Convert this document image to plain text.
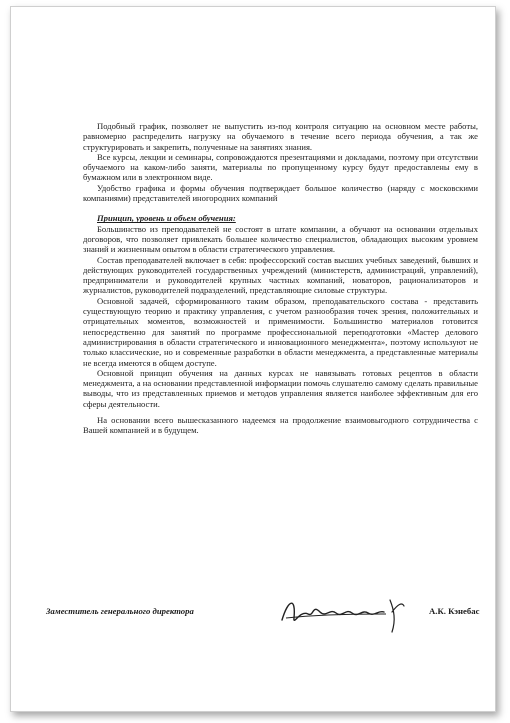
Подобный график, позволяет не выпустить из-под контроля ситуацию на основном месте работы, равномерно распределить нагрузку на обучаемого в течение всего периода обучения, а так же структурировать и закрепить, полученные на занятиях знания.

Все курсы, лекции и семинары, сопровождаются презентациями и докладами, поэтому при отсутствии обучаемого на каком-либо заняти, материалы по пропущенному курсу будут предоставлены ему в бумажном или в электронном виде.

Удобство графика и формы обучения подтверждает большое количество (наряду с московскими компаниями) представителей иногородних компаний

Принцип, уровень и объем обучения:

Большинство из преподавателей не состоят в штате компании, а обучают на основании отдельных договоров, что позволяет привлекать большее количество специалистов, обладающих высоким уровнем знаний и жизненным опытом в области стратегического управления.

Состав преподавателей включает в себя: профессорский состав высших учебных заведений, бывших и действующих руководителей государственных учреждений (министерств, администраций, управлений), предприниматели и руководителей крупных частных компаний, новаторов, рационализаторов и журналистов, руководителей подразделений, представляющие силовые структуры.

Основной задачей, сформированного таким образом, преподавательского состава - представить существующую теорию и практику управления, с учетом разнообразия точек зрения, положительных и отрицательных моментов, возможностей и применимости. Большинство материалов готовится непосредственно для занятий по программе профессиональной переподготовки «Мастер делового администрирования в области стратегического и инновационного менеджмента», поэтому используют не только классические, но и современные разработки в области менеджмента, а представленные материалы не всегда имеются в общем доступе.

Основной принцип обучения на данных курсах не навязывать готовых рецептов в области менеджмента, а на основании представленной информации помочь слушателю самому сделать правильные выводы, что из представленных приемов и методов управления является наиболее эффективным для его сферы деятельности.

На основании всего вышесказанного надеемся на продолжение взаимовыгодного сотрудничества с Вашей компанией и в будущем.

Заместитель генерального директора	А.К. Кэнебас
